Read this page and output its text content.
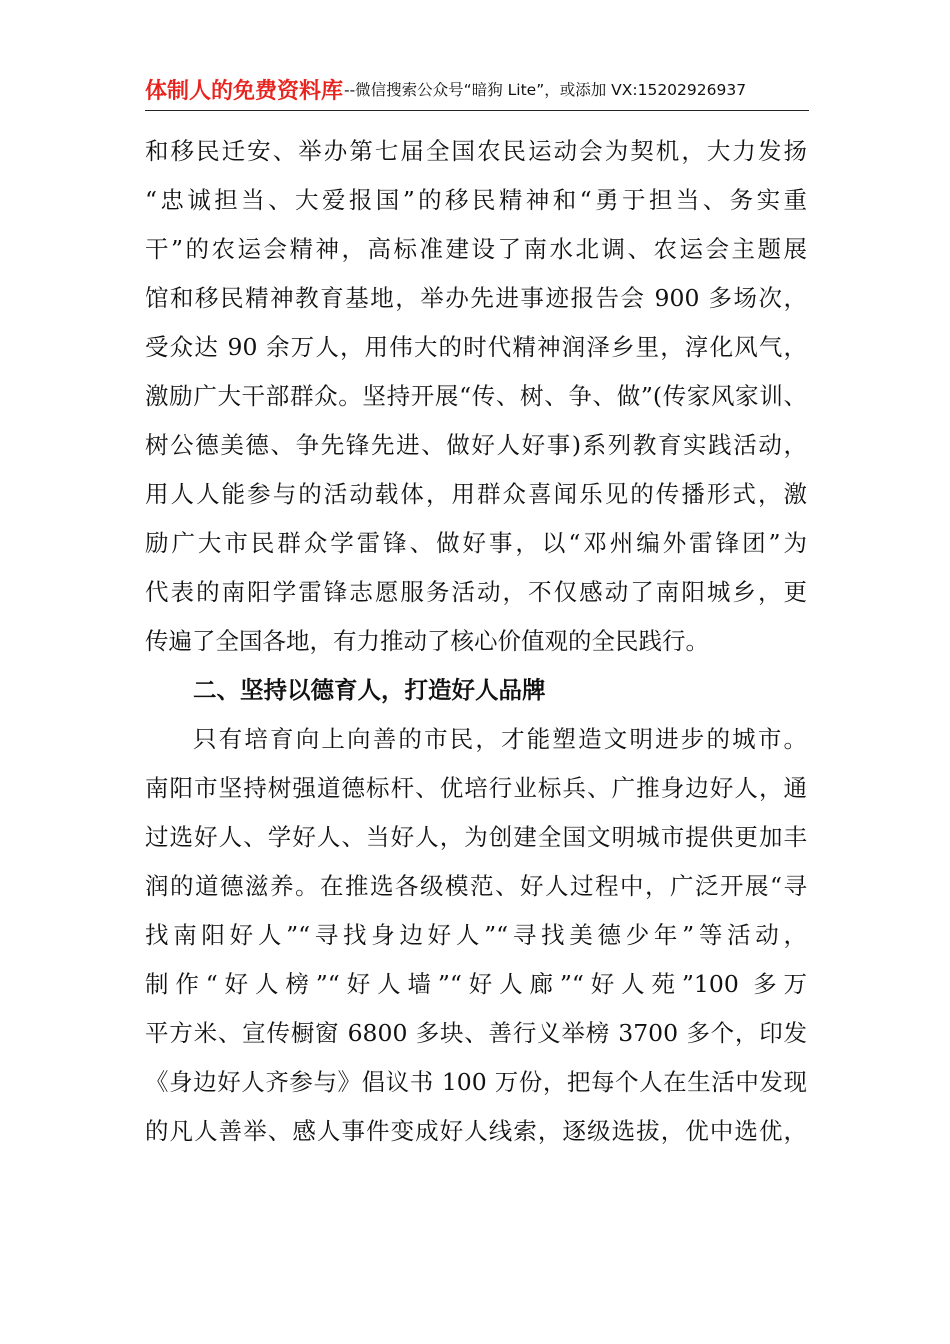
体制人的免费资料库 --微信搜索公众号“暗狗 Lite”，或添加 VX:15202926937
和移民迁安、举办第七届全国农民运动会为契机，大力发扬
“忠诚担当、大爱报国”的移民精神和“勇于担当、务实重
干”的农运会精神，高标准建设了南水北调、农运会主题展
馆和移民精神教育基地，举办先进事迹报告会 900 多场次，
受众达 90 余万人，用伟大的时代精神润泽乡里，淳化风气，
激励广大干部群众。坚持开展“传、树、争、做”(传家风家训、
树公德美德、争先锋先进、做好人好事)系列教育实践活动，
用人人能参与的活动载体，用群众喜闻乐见的传播形式，激
励广大市民群众学雷锋、做好事，以“邓州编外雷锋团”为
代表的南阳学雷锋志愿服务活动，不仅感动了南阳城乡，更
传遍了全国各地，有力推动了核心价值观的全民践行。
二、坚持以德育人，打造好人品牌
只有培育向上向善的市民，才能塑造文明进步的城市。
南阳市坚持树强道德标杆、优培行业标兵、广推身边好人，通
过选好人、学好人、当好人，为创建全国文明城市提供更加丰
润的道德滋养。在推选各级模范、好人过程中，广泛开展“寻
找南阳好人”“寻找身边好人”“寻找美德少年”等活动，
制作“好人榜”“好人墙”“好人廊”“好人苑”100 多万
平方米、宣传橱窗 6800 多块、善行义举榜 3700 多个，印发
《身边好人齐参与》倡议书 100 万份，把每个人在生活中发现
的凡人善举、感人事件变成好人线索，逐级选拔，优中选优，
